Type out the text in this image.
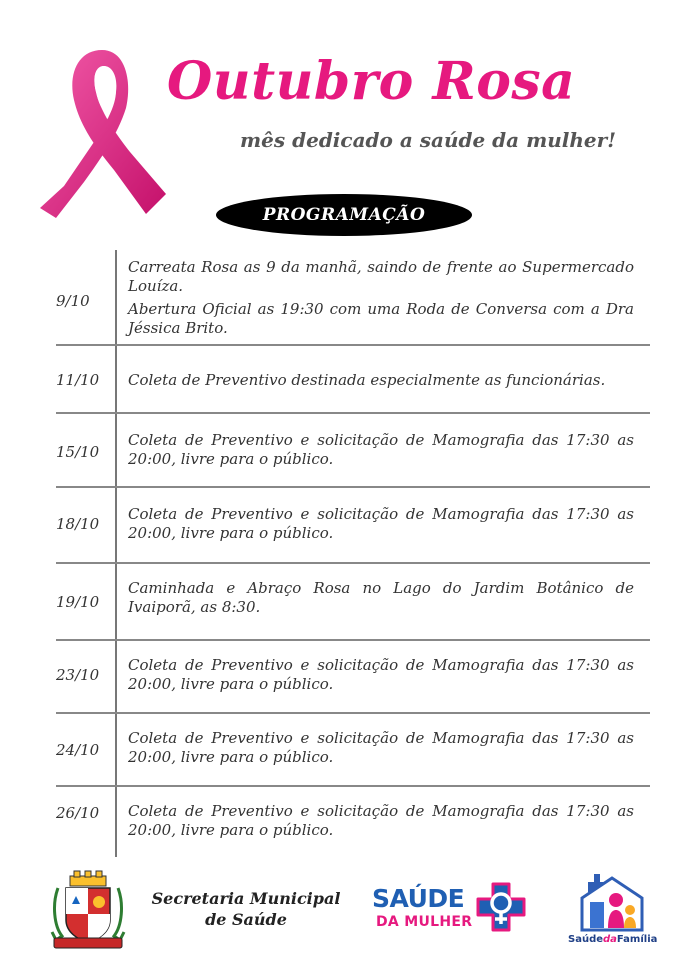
Outubro Rosa
mês dedicado a saúde da mulher!
PROGRAMAÇÃO
9/10

Carreata Rosa as 9 da manhã, saindo de frente ao Supermercado Louíza.

Abertura Oficial as 19:30 com uma Roda de Conversa com a Dra Jéssica Brito.

11/10 Coleta de Preventivo destinada especialmente as funcionárias.

15/10

Coleta de Preventivo e solicitação de Mamografia das 17:30 as 20:00, livre para o público.

18/10

Coleta de Preventivo e solicitação de Mamografia das 17:30 as 20:00, livre para o público.

19/10

Caminhada e Abraço Rosa no Lago do Jardim Botânico de Ivaiporã, as 8:30.

23/10

Coleta de Preventivo e solicitação de Mamografia das 17:30 as 20:00, livre para o público.

24/10

Coleta de Preventivo e solicitação de Mamografia das 17:30 as 20:00, livre para o público.

26/10 Coleta de Preventivo e solicitação de Mamografia das 17:30 as 20:00, livre para o público.

Secretaria Municipal
de Saúde
SAÚDE
DA MULHER
SaúdedaFamília
